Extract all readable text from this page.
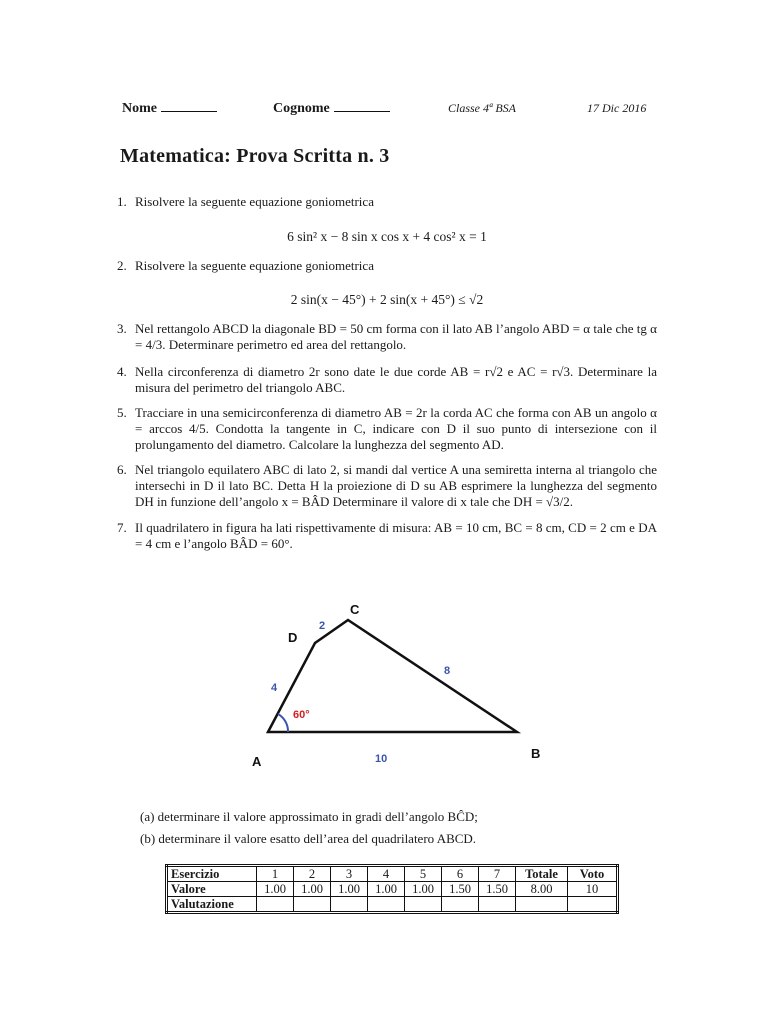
Nome	Cognome	Classe 4ª BSA	17 Dic 2016
Matematica: Prova Scritta n. 3
1. Risolvere la seguente equazione goniometrica
6 sin² x − 8 sin x cos x + 4 cos² x = 1
2. Risolvere la seguente equazione goniometrica
2 sin(x − 45°) + 2 sin(x + 45°) ≤ √2
3. Nel rettangolo ABCD la diagonale BD = 50 cm forma con il lato AB l’angolo ABD = α tale che tg α = 4/3. Determinare perimetro ed area del rettangolo.
4. Nella circonferenza di diametro 2r sono date le due corde AB = r√2 e AC = r√3. Determinare la misura del perimetro del triangolo ABC.
5. Tracciare in una semicirconferenza di diametro AB = 2r la corda AC che forma con AB un angolo α = arccos 4/5. Condotta la tangente in C, indicare con D il suo punto di intersezione con il prolungamento del diametro. Calcolare la lunghezza del segmento AD.
6. Nel triangolo equilatero ABC di lato 2, si mandi dal vertice A una semiretta interna al triangolo che intersechi in D il lato BC. Detta H la proiezione di D su AB esprimere la lunghezza del segmento DH in funzione dell’angolo x = BÂD Determinare il valore di x tale che DH = √3/2.
7. Il quadrilatero in figura ha lati rispettivamente di misura: AB = 10 cm, BC = 8 cm, CD = 2 cm e DA = 4 cm e l’angolo BÂD = 60°.
60°
A
B
C
D
10
8
2
4
(a) determinare il valore approssimato in gradi dell’angolo BĈD;
(b) determinare il valore esatto dell’area del quadrilatero ABCD.
Esercizio	1	2	3	4	5	6	7	Totale	Voto
Valore	1.00	1.00	1.00	1.00	1.00	1.50	1.50	8.00	10
Valutazione									
